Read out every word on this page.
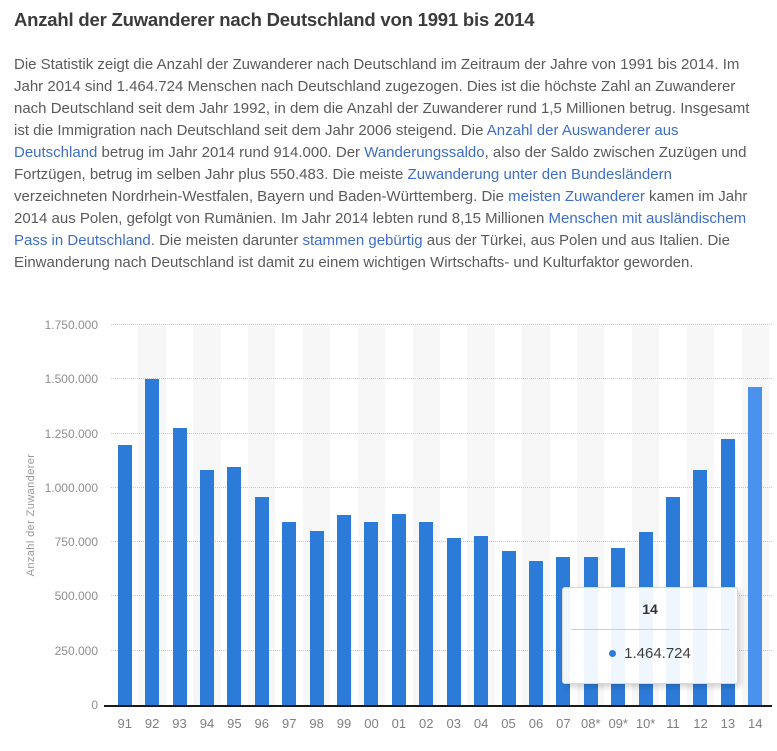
Anzahl der Zuwanderer nach Deutschland von 1991 bis 2014

Die Statistik zeigt die Anzahl der Zuwanderer nach Deutschland im Zeitraum der Jahre von 1991 bis 2014. Im Jahr 2014 sind 1.464.724 Menschen nach Deutschland zugezogen. Dies ist die höchste Zahl an Zuwanderer nach Deutschland seit dem Jahr 1992, in dem die Anzahl der Zuwanderer rund 1,5 Millionen betrug. Insgesamt ist die Immigration nach Deutschland seit dem Jahr 2006 steigend. Die Anzahl der Auswanderer aus Deutschland betrug im Jahr 2014 rund 914.000. Der Wanderungssaldo, also der Saldo zwischen Zuzügen und Fortzügen, betrug im selben Jahr plus 550.483. Die meiste Zuwanderung unter den Bundesländern verzeichneten Nordrhein-Westfalen, Bayern und Baden-Württemberg. Die meisten Zuwanderer kamen im Jahr 2014 aus Polen, gefolgt von Rumänien. Im Jahr 2014 lebten rund 8,15 Millionen Menschen mit ausländischem Pass in Deutschland. Die meisten darunter stammen gebürtig aus der Türkei, aus Polen und aus Italien. Die Einwanderung nach Deutschland ist damit zu einem wichtigen Wirtschafts- und Kulturfaktor geworden.

Anzahl der Zuwanderer
0
250.000
500.000
750.000
1.000.000
1.250.000
1.500.000
1.750.000
91 92 93 94 95 96 97 98 99 00 01 02 03 04 05 06 07 08* 09* 10* 11	12 13 14
14
1.464.724
